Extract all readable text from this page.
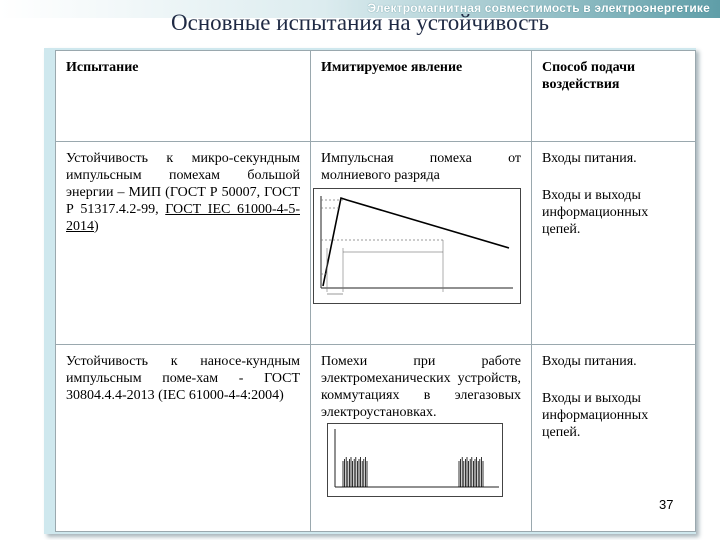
Электромагнитная совместимость в электроэнергетике
Основные испытания на устойчивость
Испытание	Имитируемое явление	Способ подачи воздействия
Устойчивость к микро-секундным импульсным помехам большой энергии – МИП (ГОСТ Р 50007, ГОСТ Р 51317.4.2-99, ГОСТ IEC 61000-4-5-2014)	Импульсная помеха от молниевого разряда	Входы питания.
Входы и выходы информационных цепей.

Устойчивость к наносе-кундным импульсным поме-хам - ГОСТ 30804.4.4-2013 (IEC 61000-4-4:2004)	Помехи при работе электромеханических устройств, коммутациях в элегазовых электроустановках.	Входы питания.
Входы и выходы информационных цепей.
37
